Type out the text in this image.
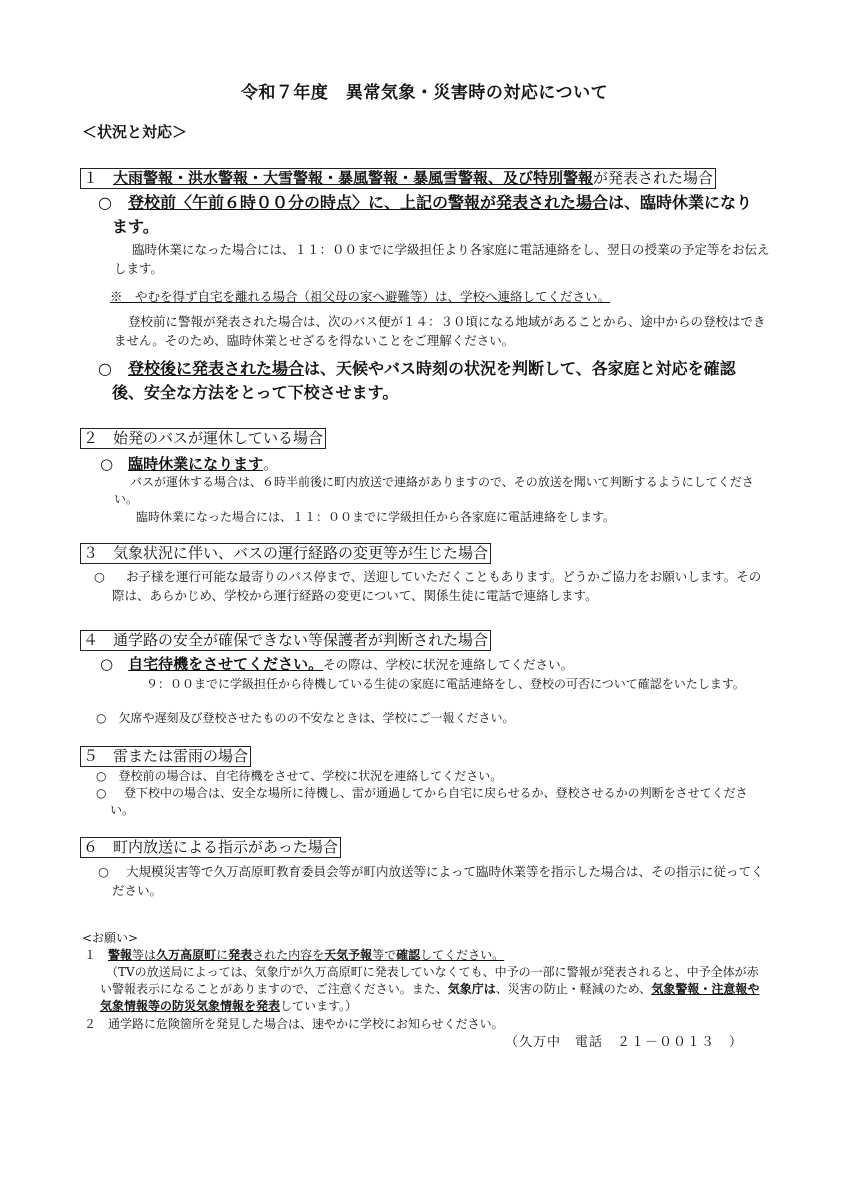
令和７年度　異常気象・災害時の対応について
＜状況と対応＞
１　 大雨警報・洪水警報・大雪警報・暴風警報・暴風雪警報、及び特別警報が発表された場合
○　 登校前〈午前６時００分の時点〉に、上記の警報が発表された場合は、臨時休業になり
ます。
臨時休業になった場合には、１１：００までに学級担任より各家庭に電話連絡をし、翌日の授業の予定等をお伝えします。
※　やむを得ず自宅を離れる場合（祖父母の家へ避難等）は、学校へ連絡してください。
登校前に警報が発表された場合は、次のバス便が１４：３０頃になる地域があることから、途中からの登校はできません。そのため、臨時休業とせざるを得ないことをご理解ください。
○　 登校後に発表された場合は、天候やバス時刻の状況を判断して、各家庭と対応を確認
後、安全な方法をとって下校させます。
２　始発のバスが運休している場合
○　 臨時休業になります。
バスが運休する場合は、６時半前後に町内放送で連絡がありますので、その放送を聞いて判断するようにしてください。
臨時休業になった場合には、１１：００までに学級担任から各家庭に電話連絡をします。
３　気象状況に伴い、バスの運行経路の変更等が生じた場合
○	お子様を運行可能な最寄りのバス停まで、送迎していただくこともあります。どうかご協力をお願いします。その際は、あらかじめ、学校から運行経路の変更について、関係生徒に電話で連絡します。
４　通学路の安全が確保できない等保護者が判断された場合
○　 自宅待機をさせてください。その際は、学校に状況を連絡してください。
９：００までに学級担任から待機している生徒の家庭に電話連絡をし、登校の可否について確認をいたします。
○　 欠席や遅刻及び登校させたものの不安なときは、学校にご一報ください。
５　雷または雷雨の場合
○　 登校前の場合は、自宅待機をさせて、学校に状況を連絡してください。
○	登下校中の場合は、安全な場所に待機し、雷が通過してから自宅に戻らせるか、登校させるかの判断をさせてください。
６　町内放送による指示があった場合
○	大規模災害等で久万高原町教育委員会等が町内放送等によって臨時休業等を指示した場合は、その指示に従ってください。
<お願い>
１　 警報等は久万高原町に発表された内容を天気予報等で確認してください。
（TVの放送局によっては、気象庁が久万高原町に発表していなくても、中予の一部に警報が発表されると、中予全体が赤い警報表示になることがありますので、ご注意ください。また、気象庁は、災害の防止・軽減のため、気象警報・注意報や気象情報等の防災気象情報を発表しています。）
２　 通学路に危険箇所を発見した場合は、速やかに学校にお知らせください。
（久万中　電話　２１－００１３　）
